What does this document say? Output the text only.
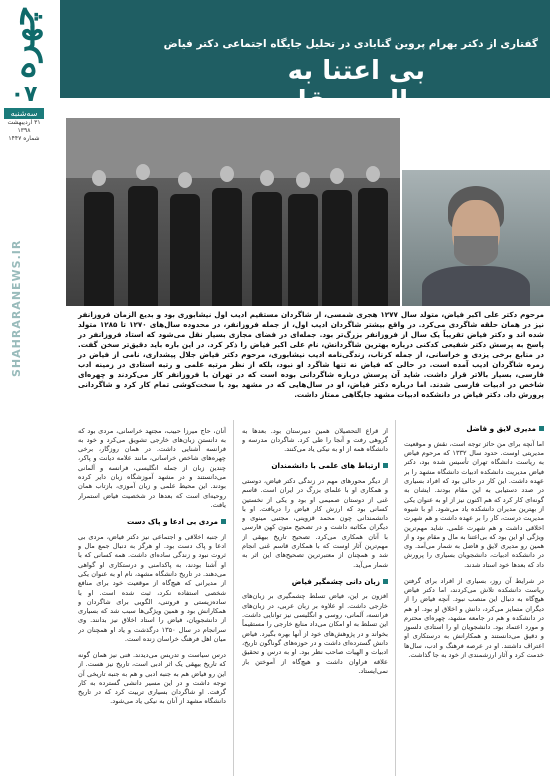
چهره
۰۷
سه‌شنبه
۳۱ اردیبهشت ۱۳۹۸
شماره ۱۴۴۷
SHAHRARANEWS.IR
گفتاری از دکتر بهرام پروین گنابادی در تحلیل جایگاه اجتماعی دکتر فیاض
بی اعتنا به
مال و مقام بود
مرحوم دکتر علی اکبر فیاض، متولد سال ۱۲۷۷ هجری شمسی، از شاگردان مستقیم ادیب اول نیشابوری بود و بدیع الزمان فروزانفر نیز در همان حلقه شاگردی می‌کرد. در واقع بیشتر شاگردان ادیب اول، از جمله فروزانفر، در محدوده سال‌های ۱۲۷۰ تا ۱۲۸۵ متولد شده اند و دکتر فیاض تقریباً یک سال از فروزانفر بزرگ‌تر بود. جمله‌ای در فضای مجازی بسیار نقل می‌شود که استاد فروزانفر در پاسخ به پرسش دکتر شفیعی کدکنی درباره بهترین شاگردانش، نام علی اکبر فیاض را ذکر کرد. در این باره باید دقیق‌تر سخن گفت. در منابع برخی یزدی و خراسانی، از جمله کرناب، زندگی‌نامه ادیب نیشابوری، مرحوم دکتر فیاض جلال پیشداری، نامی از فیاض در زمره شاگردان ادیب آمده است. در حالی که فیاض نه تنها شاگرد او نبود، بلکه از نظر مرتبه علمی و رتبه استادی در زمینه ادب فارسی، بسیار بالاتر قرار داشت. شاید آن پرسش درباره شاگردانی بوده است که در تهران با فروزانفر کار می‌کردند و چهره‌ای شاخص در ادبیات فارسی شدند. اما درباره دکتر فیاض، او در سال‌هایی که در مشهد بود با سخت‌کوشی تمام کار کرد و شاگردانی پرورش داد. دکتر فیاض در دانشکده ادبیات مشهد جایگاهی ممتاز داشت.
مدیری لایق و فاضل

اما آنچه برای من حائز توجه است، نقش و موقعیت مدیریتی اوست. حدود سال ۱۳۳۲ که مرحوم فیاض به ریاست دانشگاه تهران تأسیس شده بود، دکتر فیاض مدیریت دانشکده ادبیات دانشگاه مشهد را بر عهده داشت. این کار در حالی بود که افراد بسیاری در صدد دستیابی به این مقام بودند. ایشان به گونه‌ای کار کرد که هم اکنون نیز از او به عنوان یکی از بهترین مدیران دانشکده یاد می‌شود. او با شیوه مدیریت درست، کار را بر عهده داشت و هم شهرت اخلاقی داشت و هم شهرت علمی. شاید مهم‌ترین ویژگی او این بود که بی‌اعتنا به مال و مقام بود و از همین رو مدیری لایق و فاضل به شمار می‌آمد. وی در دانشکده ادبیات، دانشجویان بسیاری را پرورش داد که بعدها خود استاد شدند.

در شرایط آن روز، بسیاری از افراد برای گرفتن ریاست دانشکده تلاش می‌کردند، اما دکتر فیاض هیچ‌گاه به دنبال این منصب نبود. آنچه فیاض را از دیگران متمایز می‌کرد، دانش و اخلاق او بود. او هم در دانشکده و هم در جامعه مشهد، چهره‌ای محترم و مورد اعتماد بود. دانشجویان او را استادی دلسوز و دقیق می‌دانستند و همکارانش به درستکاری او اعتراف داشتند. او در عرصه فرهنگ و ادب، سال‌ها خدمت کرد و آثار ارزشمندی از خود به جا گذاشت.

از قراع التحصیلان همین دبیرستان بود. بعدها به گروهی رفت و آنجا را طی کرد. شاگردان مدرسه و دانشگاه همه از او به نیکی یاد می‌کنند.

ارتباط های علمی با دانشمندان

از دیگر محورهای مهم در زندگی دکتر فیاض، دوستی و همکاری او با علمای بزرگ در ایران است. قاسم غنی از دوستان صمیمی او بود و یکی از نخستین کسانی بود که ارزش کار فیاض را دریافت. او با دانشمندانی چون محمد قزوینی، مجتبی مینوی و دیگران مکاتبه داشت و در تصحیح متون کهن فارسی با آنان همکاری می‌کرد. تصحیح تاریخ بیهقی از مهم‌ترین آثار اوست که با همکاری قاسم غنی انجام شد و همچنان از معتبرترین تصحیح‌های این اثر به شمار می‌آید.

زبان دانی چشمگیر فیاض

افزون بر این، فیاض تسلط چشمگیری بر زبان‌های خارجی داشت. او علاوه بر زبان عربی، در زبان‌های فرانسه، آلمانی، روسی و انگلیسی نیز توانایی داشت. این تسلط به او امکان می‌داد منابع خارجی را مستقیماً بخواند و در پژوهش‌های خود از آنها بهره بگیرد. فیاض دانش گسترده‌ای داشت و در حوزه‌های گوناگون تاریخ، ادبیات و الهیات صاحب نظر بود. او به درس و تحقیق علاقه فراوان داشت و هیچ‌گاه از آموختن باز نمی‌ایستاد.

آنان، حاج میرزا حبیب، مجتهد خراسانی، مردی بود که به دانستن زبان‌های خارجی تشویق می‌کرد و خود به فرانسه آشنایی داشت. در همان روزگار، برخی چهره‌های شاخص خراسانی، مانند علامه دیانت و پاکر، چندین زبان از جمله انگلیسی، فرانسه و آلمانی می‌دانستند و در مشهد آموزشگاه زبان دایر کرده بودند. این محیط علمی و زبان آموزی، بازتاب همان روحیه‌ای است که بعدها در شخصیت فیاض استمرار یافت.

مردی بی ادعا و پاک دست

از جنبه اخلاقی و اجتماعی نیز دکتر فیاض، مردی بی ادعا و پاک دست بود. او هرگز به دنبال جمع مال و ثروت نبود و زندگی ساده‌ای داشت. همه کسانی که با او آشنا بودند، به پاکدامنی و درستکاری او گواهی می‌دهند. در تاریخ دانشگاه مشهد، نام او به عنوان یکی از مدیرانی که هیچ‌گاه از موقعیت خود برای منافع شخصی استفاده نکرد، ثبت شده است. او با ساده‌زیستی و فروتنی، الگویی برای شاگردان و همکارانش بود و همین ویژگی‌ها سبب شد که بسیاری از دانشجویان، فیاض را استاد اخلاق نیز بدانند. وی سرانجام در سال ۱۳۵۰ درگذشت و یاد او همچنان در میان اهل فرهنگ خراسان زنده است.

درس سیاست و تدریس می‌دیدند. فنی نیز همان گونه که تاریخ بیهقی یک اثر ادبی است، تاریخ نیز هست. از این رو فیاض هم به جنبه ادبی و هم به جنبه تاریخی آن توجه داشت و در این مسیر دانشی گسترده به کار گرفت. او شاگردان بسیاری تربیت کرد که در تاریخ دانشگاه مشهد از آنان به نیکی یاد می‌شود.
